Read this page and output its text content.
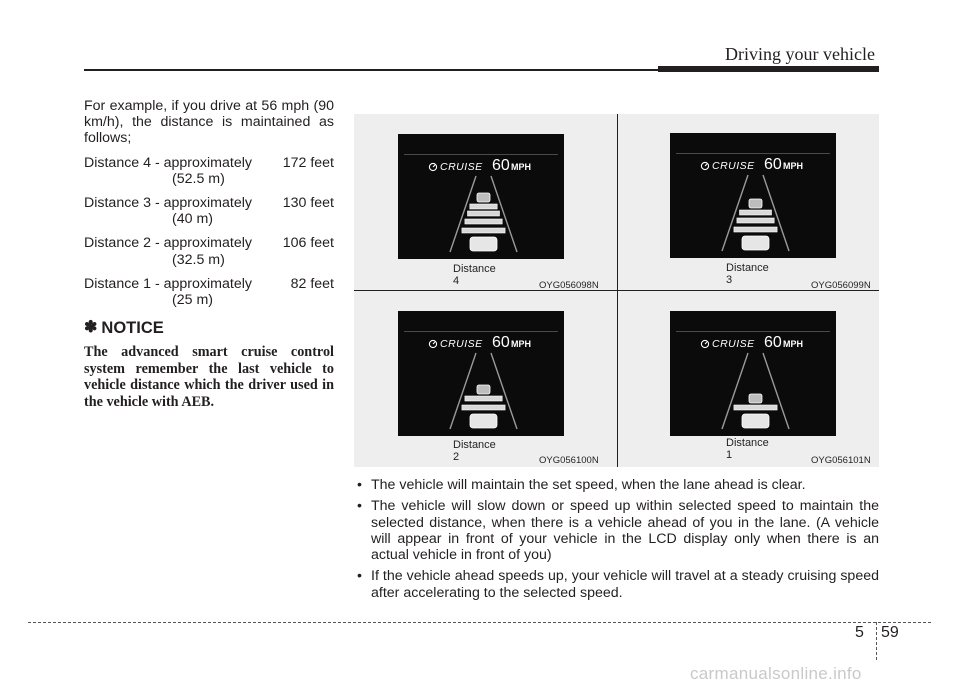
Driving your vehicle

For example, if you drive at 56 mph (90 km/h), the distance is maintained as follows;

Distance 4 - approximately 172 feet
(52.5 m)
Distance 3 - approximately 130 feet
(40 m)
Distance 2 - approximately 106 feet
(32.5 m)
Distance 1 - approximately	82 feet
(25 m)
✽ NOTICE
The advanced smart cruise control system remember the last vehicle to vehicle distance which the driver used in the vehicle with AEB.
CRUISE 60 MPH
Distance 4	OYG056098N
CRUISE 60 MPH
Distance 3	OYG056099N
CRUISE 60 MPH
Distance 2	OYG056100N
CRUISE 60 MPH
Distance 1	OYG056101N
• The vehicle will maintain the set speed, when the lane ahead is clear.
• The vehicle will slow down or speed up within selected speed to maintain the selected distance, when there is a vehicle ahead of you in the lane. (A vehicle will appear in front of your vehicle in the LCD display only when there is an actual vehicle in front of you)
• If the vehicle ahead speeds up, your vehicle will travel at a steady cruising speed after accelerating to the selected speed.
5 59
carmanualsonline.info
